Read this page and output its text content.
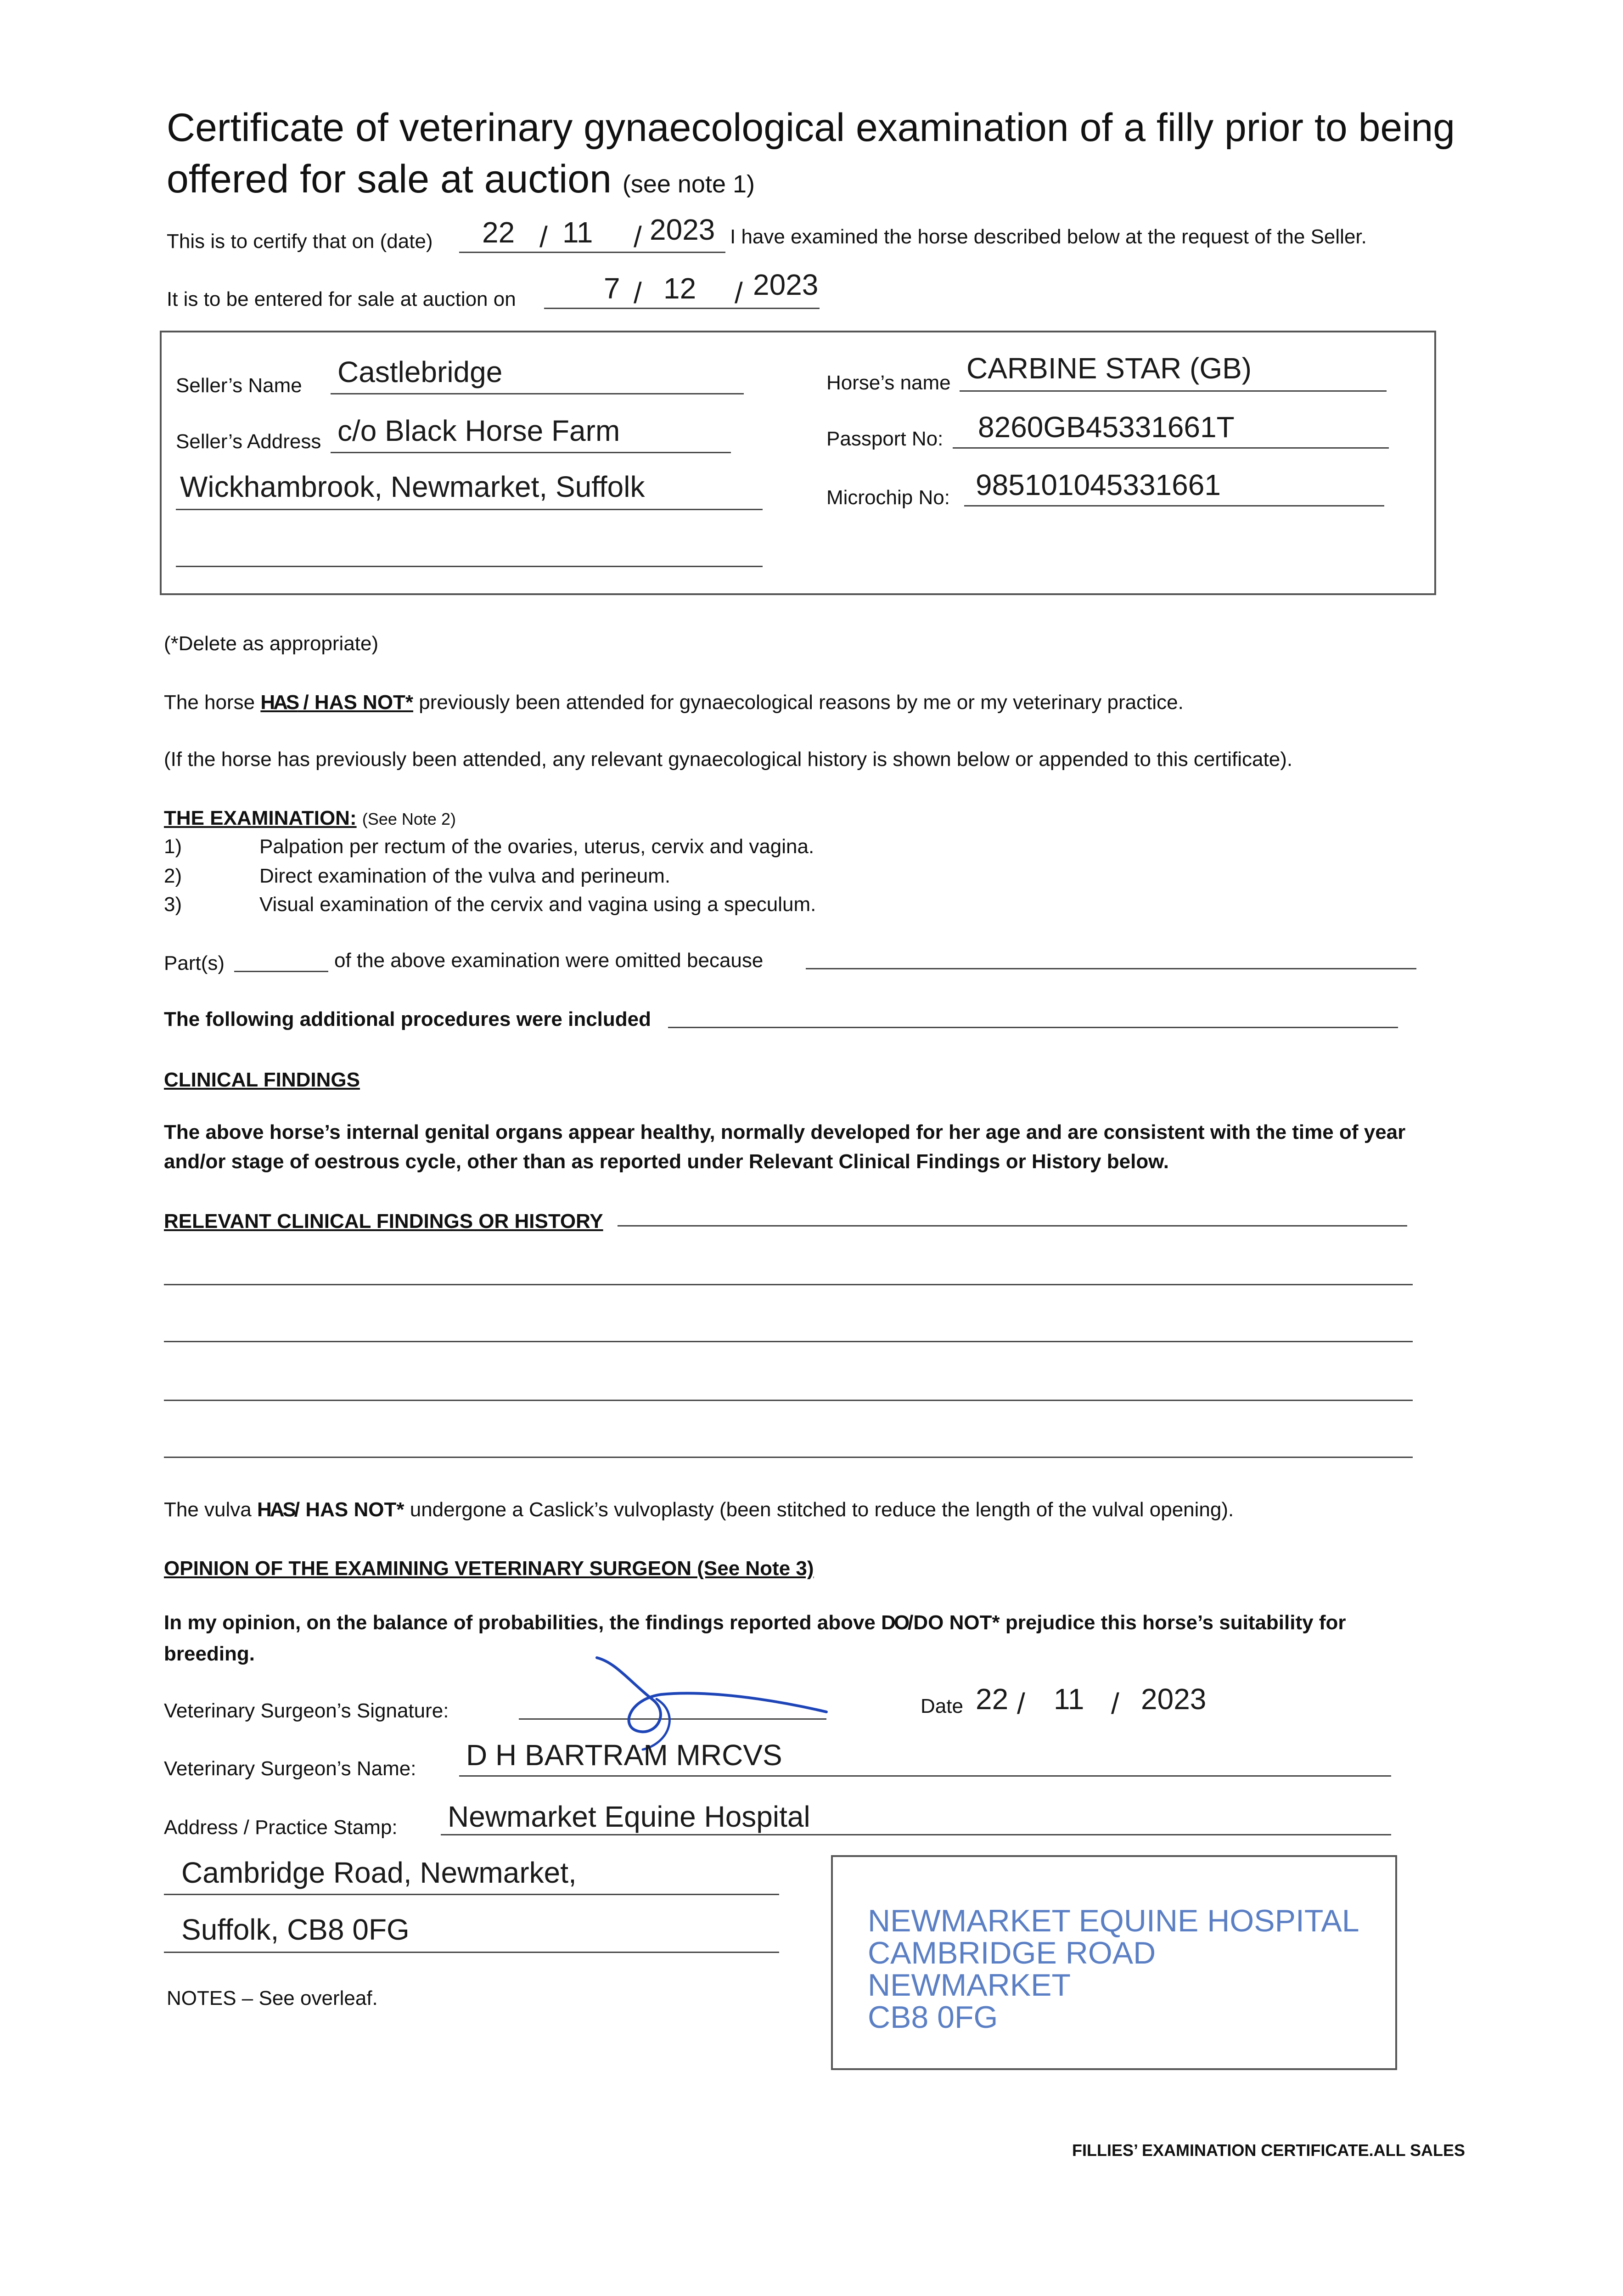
Certificate of veterinary gynaecological examination of a filly prior to being offered for sale at auction (see note 1)
This is to certify that on (date) 22 / 11 / 2023 I have examined the horse described below at the request of the Seller.
It is to be entered for sale at auction on	7 / 12 / 2023
Seller’s Name Castlebridge
Seller’s Address c/o Black Horse Farm
Wickhambrook, Newmarket, Suffolk
Horse’s name CARBINE STAR (GB)
Passport No: 8260GB45331661T
Microchip No: 985101045331661
(*Delete as appropriate)
The horse HAS / HAS NOT* previously been attended for gynaecological reasons by me or my veterinary practice.
(If the horse has previously been attended, any relevant gynaecological history is shown below or appended to this certificate).
THE EXAMINATION: (See Note 2)
1)	Palpation per rectum of the ovaries, uterus, cervix and vagina.
2)	Direct examination of the vulva and perineum.
3)	Visual examination of the cervix and vagina using a speculum.
Part(s)	of the above examination were omitted because
The following additional procedures were included
CLINICAL FINDINGS
The above horse’s internal genital organs appear healthy, normally developed for her age and are consistent with the time of year
and/or stage of oestrous cycle, other than as reported under Relevant Clinical Findings or History below.
RELEVANT CLINICAL FINDINGS OR HISTORY
The vulva HAS/ HAS NOT* undergone a Caslick’s vulvoplasty (been stitched to reduce the length of the vulval opening).
OPINION OF THE EXAMINING VETERINARY SURGEON (See Note 3)
In my opinion, on the balance of probabilities, the findings reported above DO/DO NOT* prejudice this horse’s suitability for
breeding.
Veterinary Surgeon’s Signature:	Date 22 / 11 / 2023
Veterinary Surgeon’s Name: D H BARTRAM MRCVS
Address / Practice Stamp: Newmarket Equine Hospital
Cambridge Road, Newmarket,
Suffolk, CB8 0FG	NEWMARKET EQUINE HOSPITAL
CAMBRIDGE ROAD
NEWMARKET
CB8 0FG
NOTES – See overleaf.
FILLIES’ EXAMINATION CERTIFICATE.ALL SALES
